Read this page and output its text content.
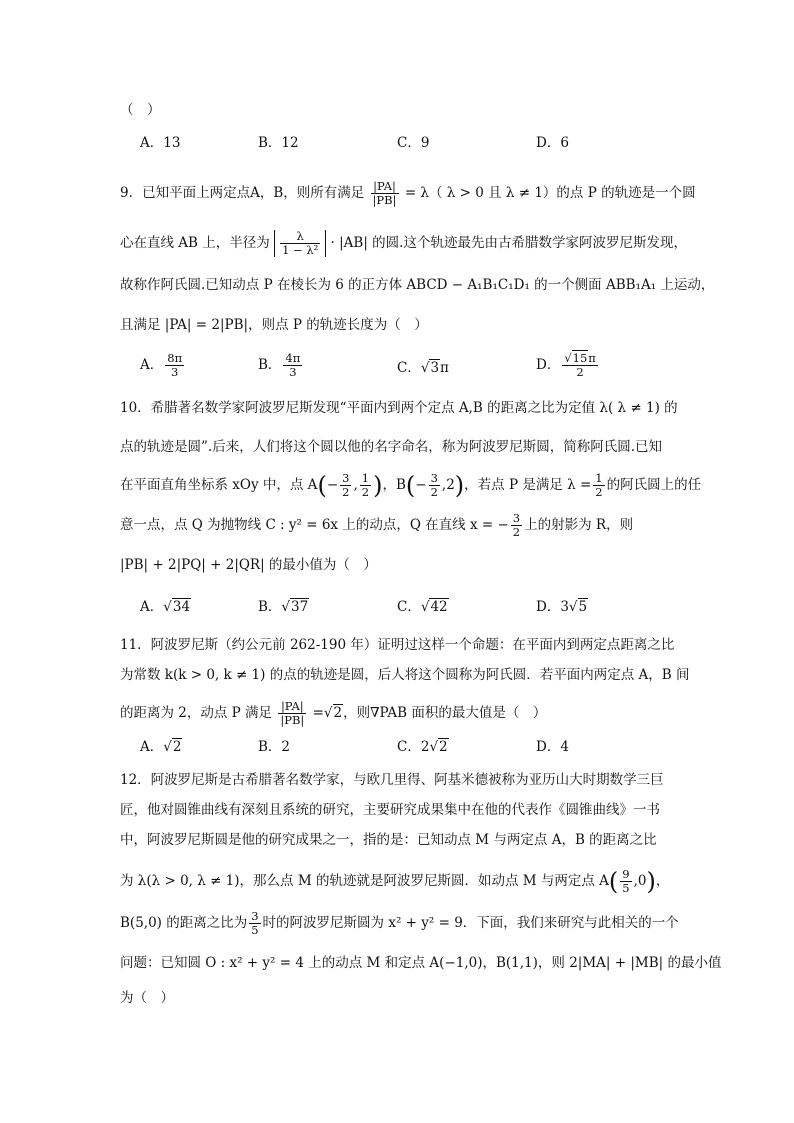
（　）
A．13	B．12	C．9	D．6
9．已知平面上两定点A，B，则所有满足 $\frac{|PA|}{|PB|} = \lambda$（ λ > 0 且 λ ≠ 1）的点 P 的轨迹是一个圆
心在直线 AB 上，半径为 $\frac{\lambda}{\text{1 − λ²}} \cdot |AB|$ 的圆.这个轨迹最先由古希腊数学家阿波罗尼斯发现，
故称作阿氏圆.已知动点 P 在棱长为 6 的正方体 ABCD − A₁B₁C₁D₁ 的一个侧面 ABB₁A₁ 上运动，
且满足 |PA| = 2|PB|，则点 P 的轨迹长度为（　）
A． $\frac{8\pi}{3}$	B． $\frac{4\pi}{3}$	C．√3π	D． $\frac{√15\pi}{2}$
10．希腊著名数学家阿波罗尼斯发现“平面内到两个定点 A,B 的距离之比为定值 λ( λ ≠ 1) 的
点的轨迹是圆”.后来，人们将这个圆以他的名字命名，称为阿波罗尼斯圆，简称阿氏圆.已知
在平面直角坐标系 xOy 中，点 $A(- \frac{3}{2}$ , $\frac{1}{2}$ )，$B(- \frac{3}{2} ,2)$，若点 P 是满足 $\lambda = \frac{1}{2}$ 的阿氏圆上的任
意一点，点 Q 为抛物线 C : y² = 6x 上的动点，Q 在直线 x = − $\frac{3}{2}$ 上的射影为 R，则
|PB| + 2|PQ| + 2|QR| 的最小值为（　）
A．√34	B．√37	C．√42	D．3√5
11．阿波罗尼斯（约公元前 262-190 年）证明过这样一个命题：在平面内到两定点距离之比
为常数 k(k > 0, k ≠ 1) 的点的轨迹是圆，后人将这个圆称为阿氏圆．若平面内两定点 A，B 间
的距离为 2，动点 P 满足 $\frac{|PA|}{|PB|} =√2$，则∇PAB 面积的最大值是（　）
A．√2	B．2	C．2√2	D．4
12．阿波罗尼斯是古希腊著名数学家，与欧几里得、阿基米德被称为亚历山大时期数学三巨
匠，他对圆锥曲线有深刻且系统的研究，主要研究成果集中在他的代表作《圆锥曲线》一书
中，阿波罗尼斯圆是他的研究成果之一，指的是：已知动点 M 与两定点 A，B 的距离之比
为 λ(λ > 0, λ ≠ 1)，那么点 M 的轨迹就是阿波罗尼斯圆．如动点 M 与两定点 $A( \frac{9}{5} ,0)$，
B(5,0) 的距离之比为 $\frac{3}{5}$ 时的阿波罗尼斯圆为 x² + y² = 9．下面，我们来研究与此相关的一个
问题：已知圆 O : x² + y² = 4 上的动点 M 和定点 A(−1,0)，B(1,1)，则 2|MA| + |MB| 的最小值
为（　）
